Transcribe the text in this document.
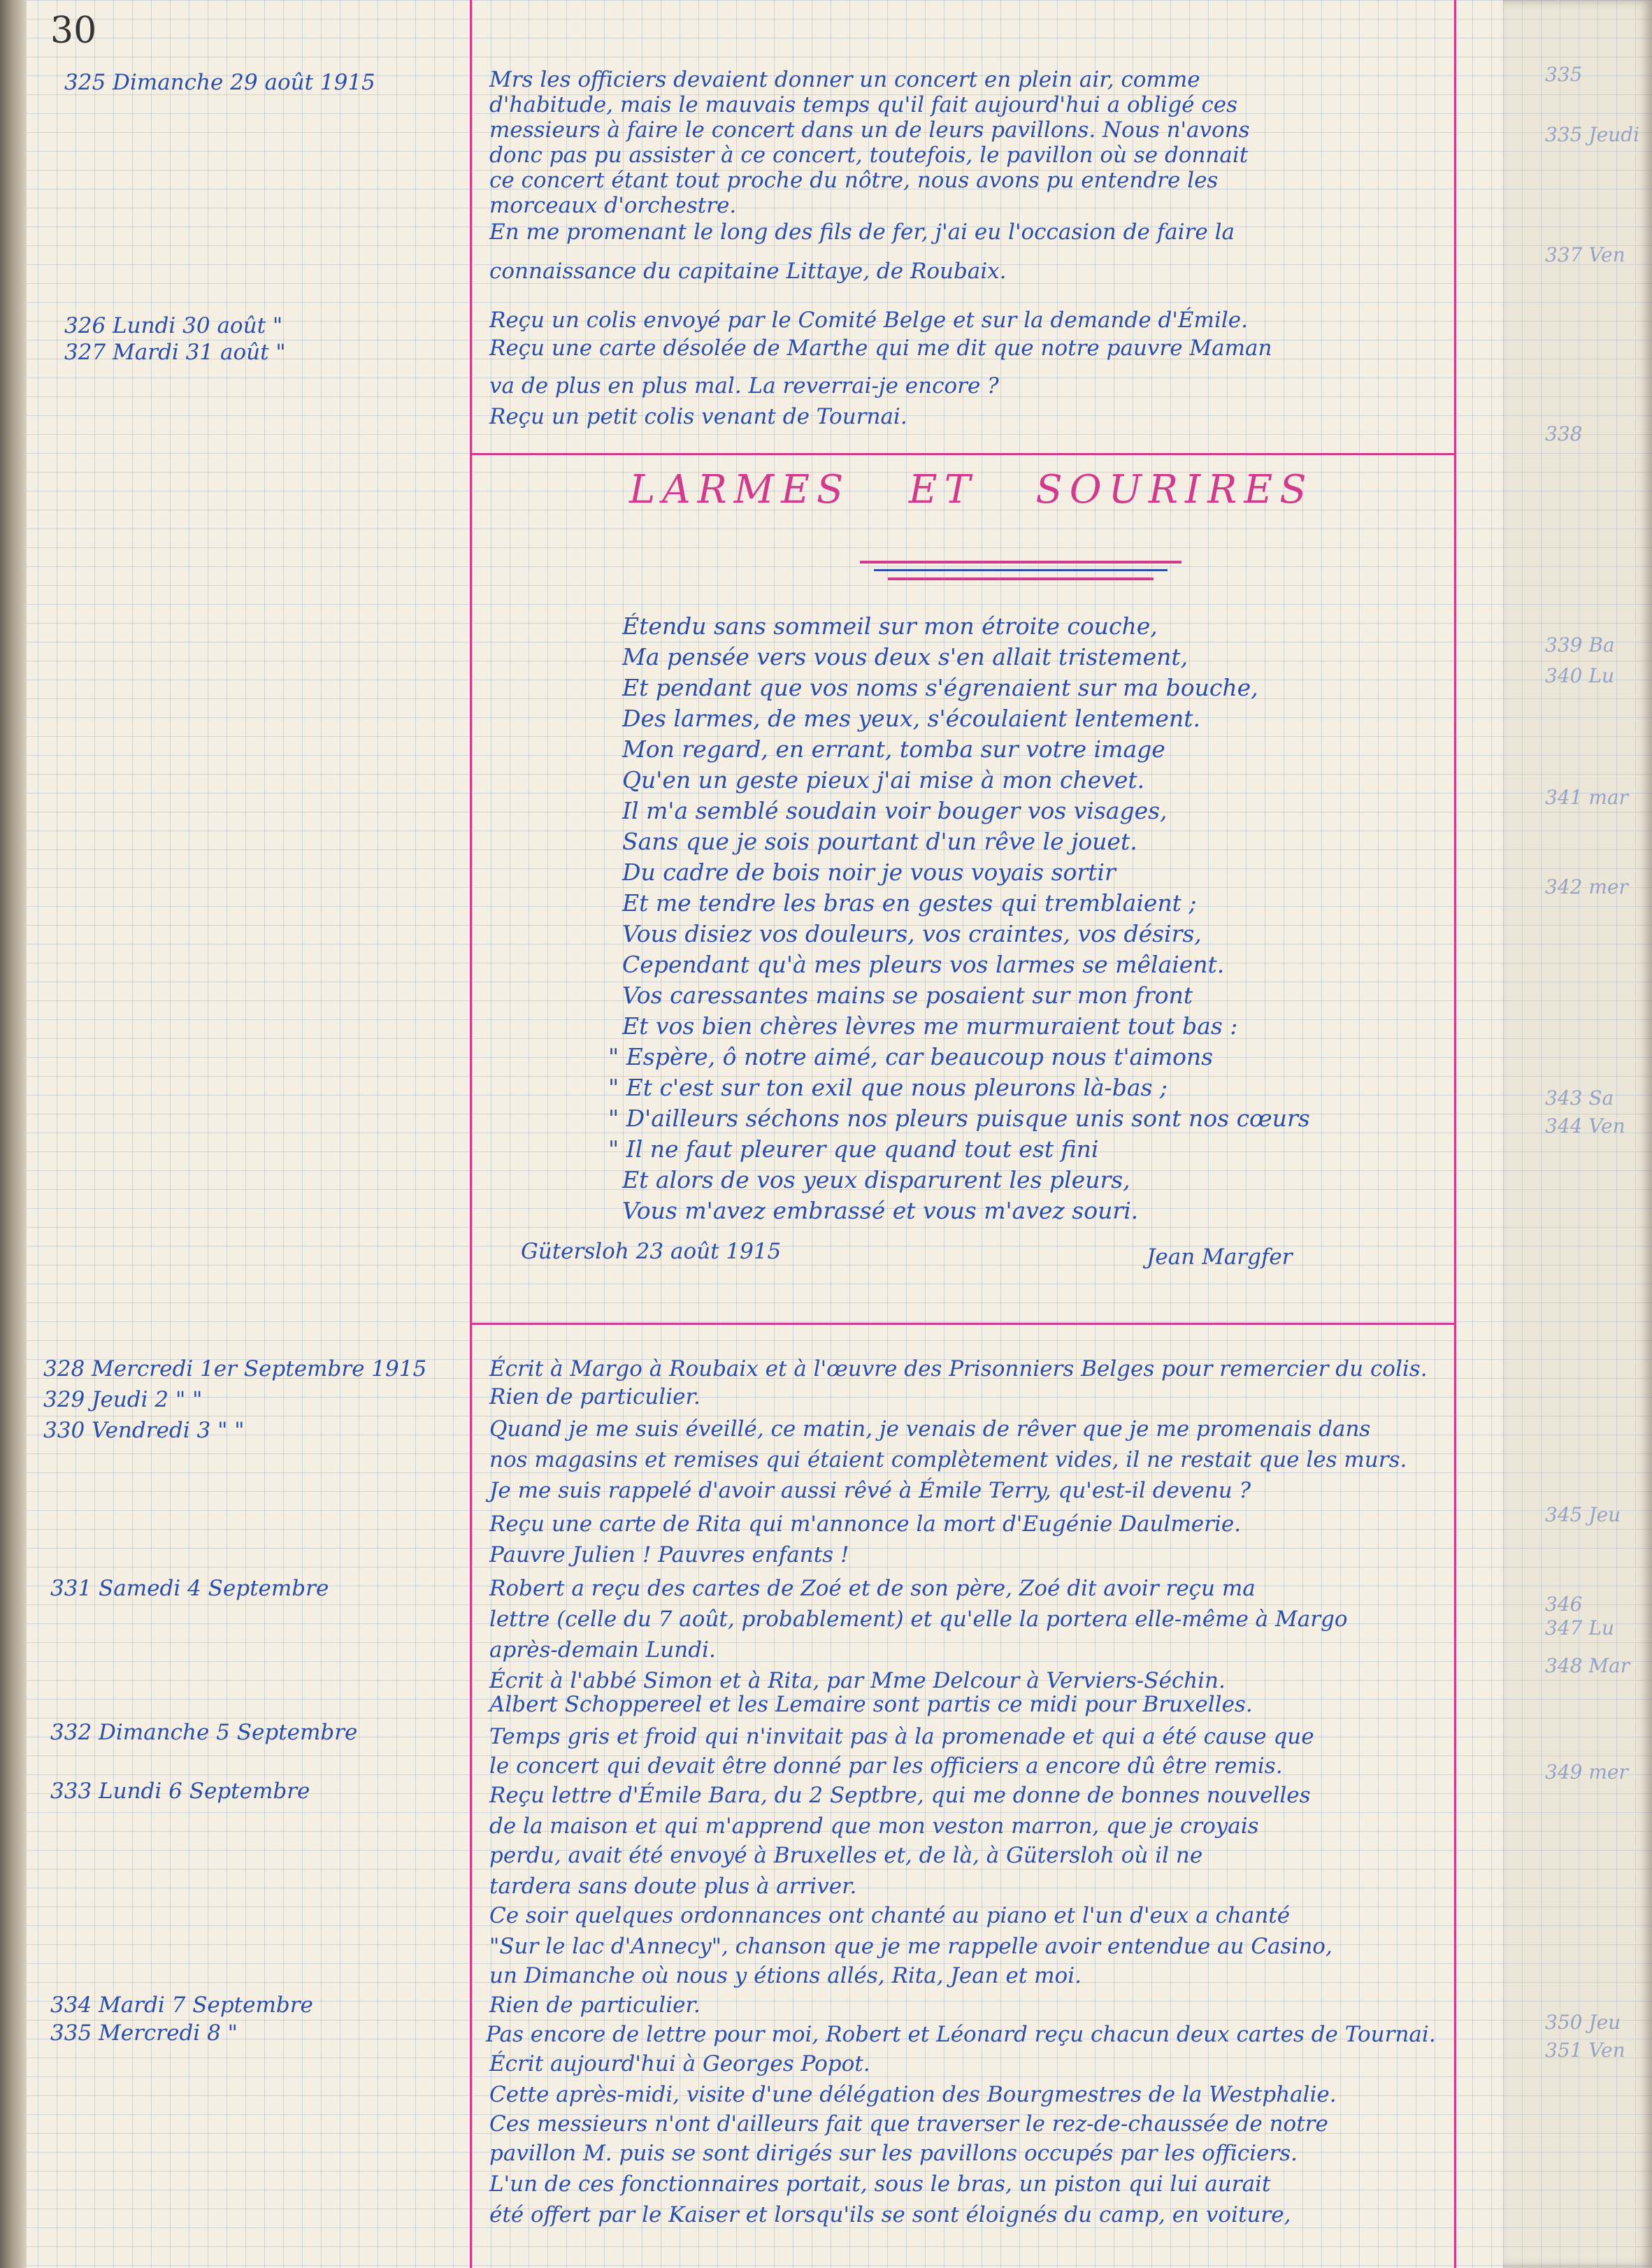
30
325 Dimanche 29 août 1915
326 Lundi 30 août "
327 Mardi 31 août "
Mrs les officiers devaient donner un concert en plein air, comme
d'habitude, mais le mauvais temps qu'il fait aujourd'hui a obligé ces
messieurs à faire le concert dans un de leurs pavillons. Nous n'avons
donc pas pu assister à ce concert, toutefois, le pavillon où se donnait
ce concert étant tout proche du nôtre, nous avons pu entendre les
morceaux d'orchestre.
En me promenant le long des fils de fer, j'ai eu l'occasion de faire la
connaissance du capitaine Littaye, de Roubaix.
Reçu un colis envoyé par le Comité Belge et sur la demande d'Émile.
Reçu une carte désolée de Marthe qui me dit que notre pauvre Maman
va de plus en plus mal. La reverrai-je encore ?
Reçu un petit colis venant de Tournai.
LARMES   ET   SOURIRES
Étendu sans sommeil sur mon étroite couche,
Ma pensée vers vous deux s'en allait tristement,
Et pendant que vos noms s'égrenaient sur ma bouche,
Des larmes, de mes yeux, s'écoulaient lentement.
Mon regard, en errant, tomba sur votre image
Qu'en un geste pieux j'ai mise à mon chevet.
Il m'a semblé soudain voir bouger vos visages,
Sans que je sois pourtant d'un rêve le jouet.
Du cadre de bois noir je vous voyais sortir
Et me tendre les bras en gestes qui tremblaient ;
Vous disiez vos douleurs, vos craintes, vos désirs,
Cependant qu'à mes pleurs vos larmes se mêlaient.
Vos caressantes mains se posaient sur mon front
Et vos bien chères lèvres me murmuraient tout bas :
" Espère, ô notre aimé, car beaucoup nous t'aimons
" Et c'est sur ton exil que nous pleurons là-bas ;
" D'ailleurs séchons nos pleurs puisque unis sont nos cœurs
" Il ne faut pleurer que quand tout est fini
Et alors de vos yeux disparurent les pleurs,
Vous m'avez embrassé et vous m'avez souri.
Gütersloh 23 août 1915	Jean Margfer
328 Mercredi 1er Septembre 1915
329 Jeudi 2 " "
330 Vendredi 3 " "
331 Samedi 4 Septembre
332 Dimanche 5 Septembre
333 Lundi 6 Septembre
334 Mardi 7 Septembre
335 Mercredi 8 "
Écrit à Margo à Roubaix et à l'œuvre des Prisonniers Belges pour remercier du colis.
Rien de particulier.
Quand je me suis éveillé, ce matin, je venais de rêver que je me promenais dans
nos magasins et remises qui étaient complètement vides, il ne restait que les murs.
Je me suis rappelé d'avoir aussi rêvé à Émile Terry, qu'est-il devenu ?
Reçu une carte de Rita qui m'annonce la mort d'Eugénie Daulmerie.
Pauvre Julien ! Pauvres enfants !
Robert a reçu des cartes de Zoé et de son père, Zoé dit avoir reçu ma
lettre (celle du 7 août, probablement) et qu'elle la portera elle-même à Margo
après-demain Lundi.
Écrit à l'abbé Simon et à Rita, par Mme Delcour à Verviers-Séchin.
Albert Schoppereel et les Lemaire sont partis ce midi pour Bruxelles.
Temps gris et froid qui n'invitait pas à la promenade et qui a été cause que
le concert qui devait être donné par les officiers a encore dû être remis.
Reçu lettre d'Émile Bara, du 2 Septbre, qui me donne de bonnes nouvelles
de la maison et qui m'apprend que mon veston marron, que je croyais
perdu, avait été envoyé à Bruxelles et, de là, à Gütersloh où il ne
tardera sans doute plus à arriver.
Ce soir quelques ordonnances ont chanté au piano et l'un d'eux a chanté
"Sur le lac d'Annecy", chanson que je me rappelle avoir entendue au Casino,
un Dimanche où nous y étions allés, Rita, Jean et moi.
Rien de particulier.
Pas encore de lettre pour moi, Robert et Léonard reçu chacun deux cartes de Tournai.
Écrit aujourd'hui à Georges Popot.
Cette après-midi, visite d'une délégation des Bourgmestres de la Westphalie.
Ces messieurs n'ont d'ailleurs fait que traverser le rez-de-chaussée de notre
pavillon M. puis se sont dirigés sur les pavillons occupés par les officiers.
L'un de ces fonctionnaires portait, sous le bras, un piston qui lui aurait
été offert par le Kaiser et lorsqu'ils se sont éloignés du camp, en voiture,
335
335 Jeudi
337 Ven
338
339 Ba
340 Lu
341 mar
342 mer
343 Sa
344 Ven
345 Jeu
346
347 Lu
348 Mar
349 mer
350 Jeu
351 Ven
